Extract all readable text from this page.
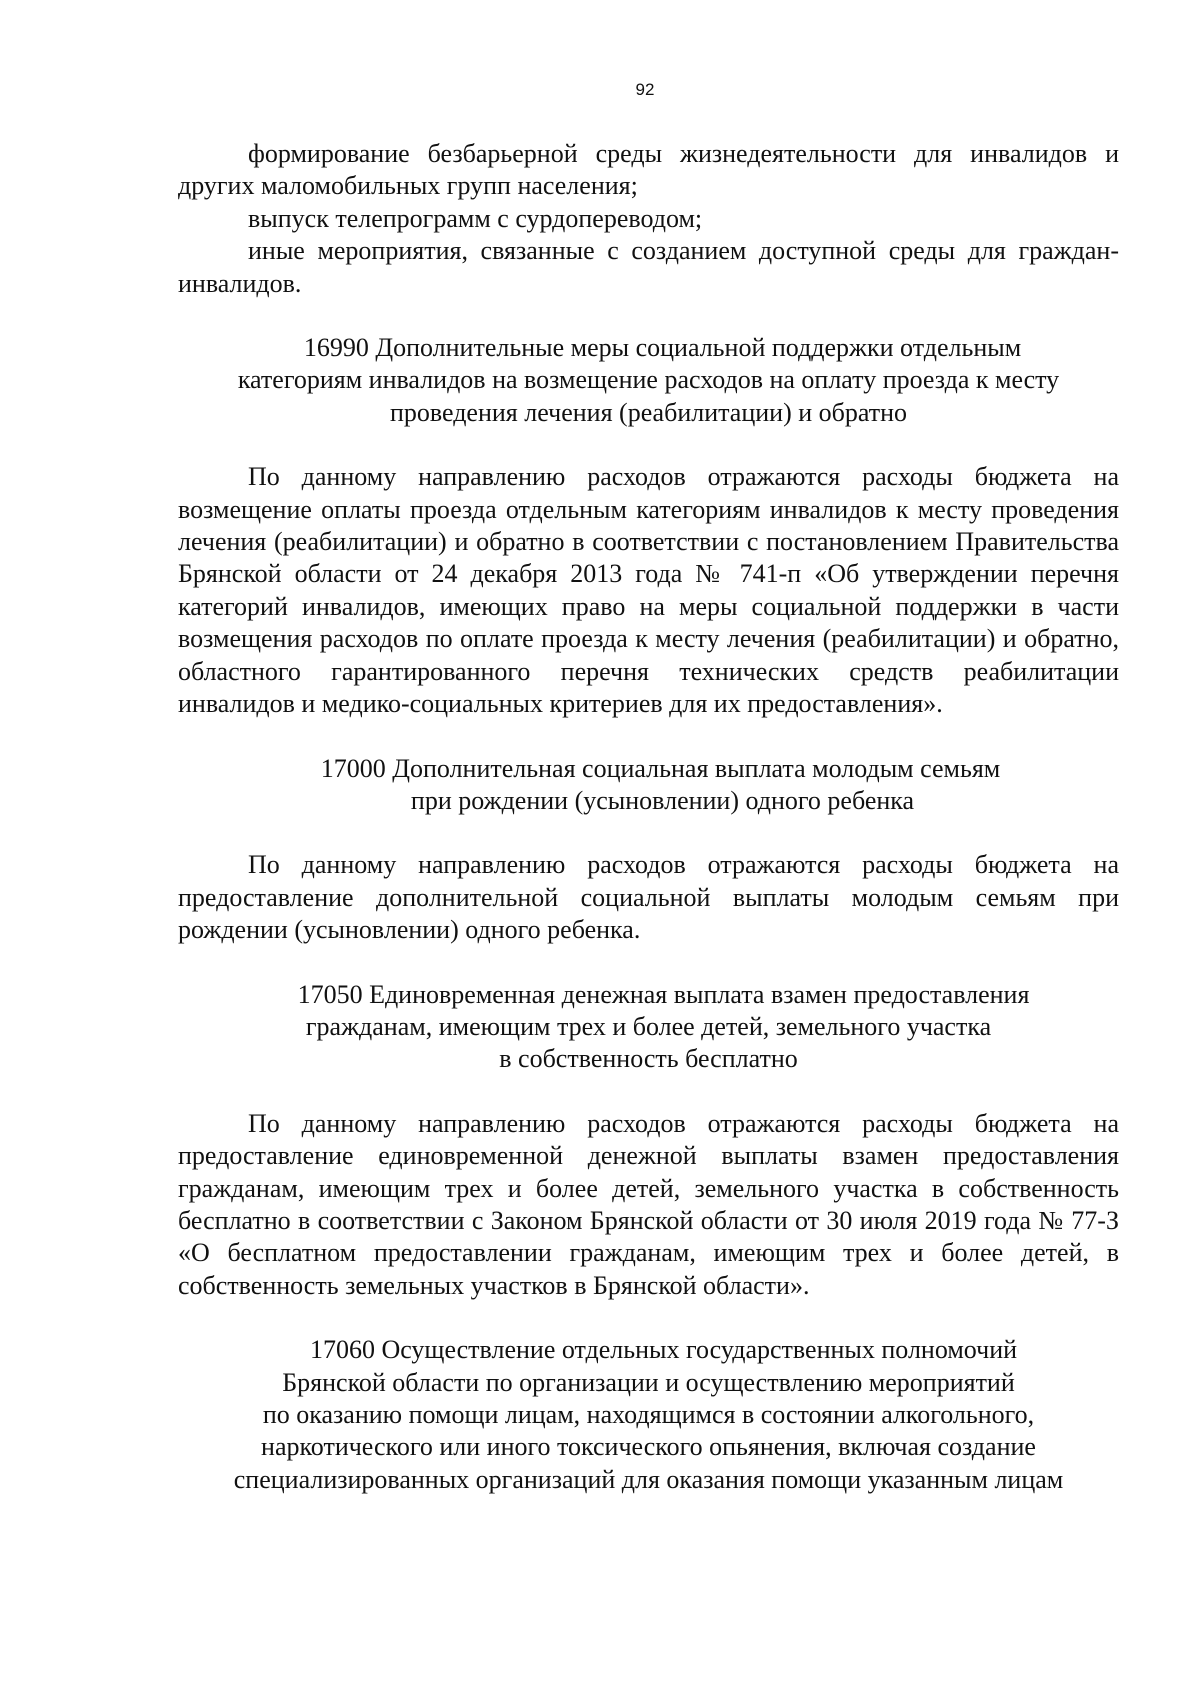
92

формирование безбарьерной среды жизнедеятельности для инвалидов и других маломобильных групп населения;

выпуск телепрограмм с сурдопереводом;

иные мероприятия, связанные с созданием доступной среды для граждан-инвалидов.

16990 Дополнительные меры социальной поддержки отдельным
категориям инвалидов на возмещение расходов на оплату проезда к месту
проведения лечения (реабилитации) и обратно

По данному направлению расходов отражаются расходы бюджета на возмещение оплаты проезда отдельным категориям инвалидов к месту проведения лечения (реабилитации) и обратно в соответствии с постановлением Правительства Брянской области от 24 декабря 2013 года № 741-п «Об утверждении перечня категорий инвалидов, имеющих право на меры социальной поддержки в части возмещения расходов по оплате проезда к месту лечения (реабилитации) и обратно, областного гарантированного перечня технических средств реабилитации инвалидов и медико-социальных критериев для их предоставления».

17000 Дополнительная социальная выплата молодым семьям
при рождении (усыновлении) одного ребенка

По данному направлению расходов отражаются расходы бюджета на предоставление дополнительной социальной выплаты молодым семьям при рождении (усыновлении) одного ребенка.

17050 Единовременная денежная выплата взамен предоставления
гражданам, имеющим трех и более детей, земельного участка
в собственность бесплатно

По данному направлению расходов отражаются расходы бюджета на предоставление единовременной денежной выплаты взамен предоставления гражданам, имеющим трех и более детей, земельного участка в собственность бесплатно в соответствии с Законом Брянской области от 30 июля 2019 года № 77-З «О бесплатном предоставлении гражданам, имеющим трех и более детей, в собственность земельных участков в Брянской области».

17060 Осуществление отдельных государственных полномочий
Брянской области по организации и осуществлению мероприятий
по оказанию помощи лицам, находящимся в состоянии алкогольного,
наркотического или иного токсического опьянения, включая создание
специализированных организаций для оказания помощи указанным лицам
